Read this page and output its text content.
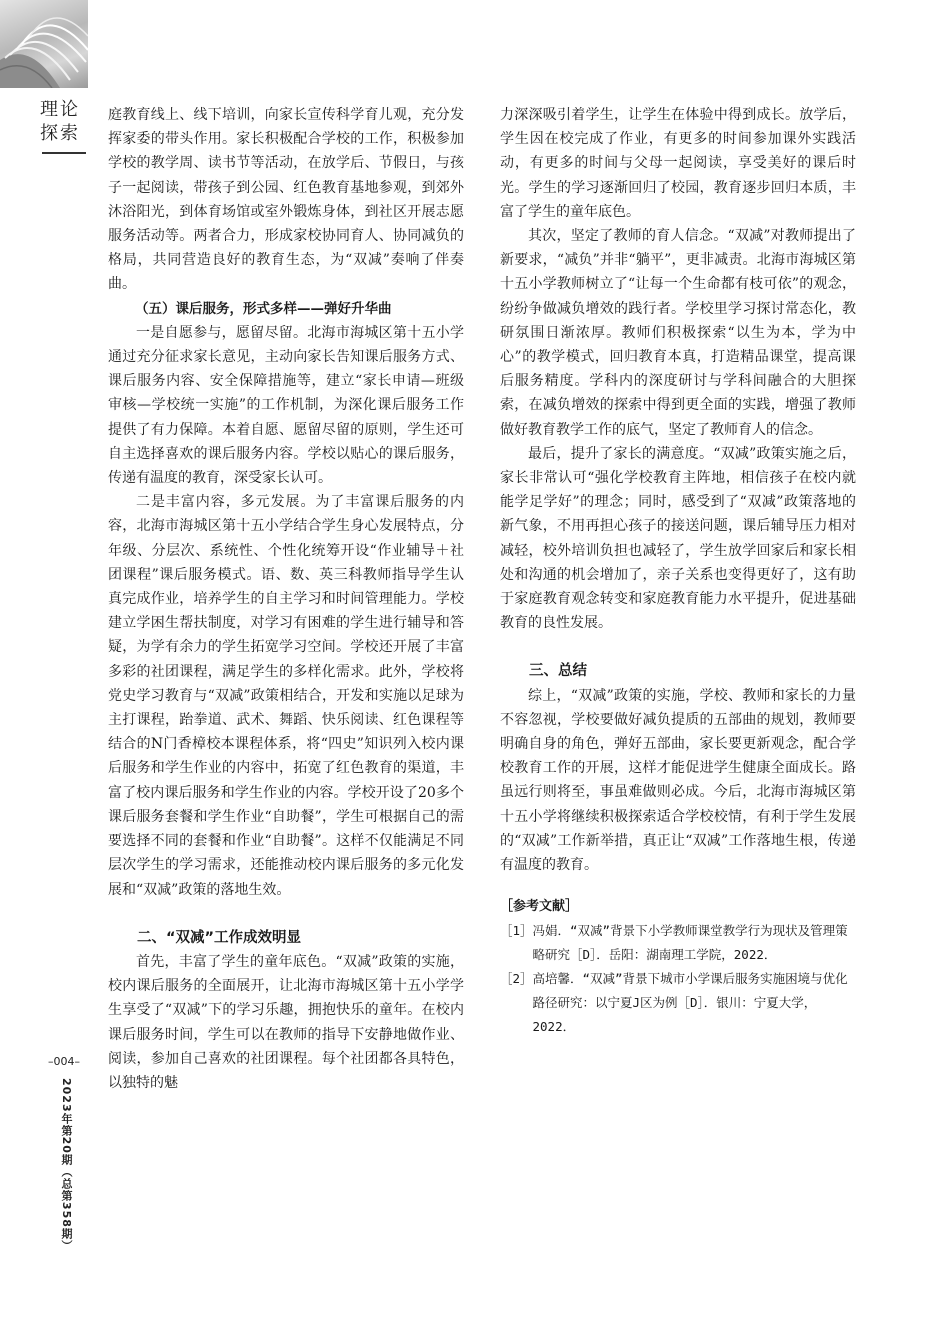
理论
探索
–004–
2023年第20期（总第358期）

庭教育线上、线下培训，向家长宣传科学育儿观，充分发挥家委的带头作用。家长积极配合学校的工作，积极参加学校的教学周、读书节等活动，在放学后、节假日，与孩子一起阅读，带孩子到公园、红色教育基地参观，到郊外沐浴阳光，到体育场馆或室外锻炼身体，到社区开展志愿服务活动等。两者合力，形成家校协同育人、协同减负的格局，共同营造良好的教育生态，为“双减”奏响了伴奏曲。

（五）课后服务，形式多样——弹好升华曲

一是自愿参与，愿留尽留。北海市海城区第十五小学通过充分征求家长意见，主动向家长告知课后服务方式、课后服务内容、安全保障措施等，建立“家长申请—班级审核—学校统一实施”的工作机制，为深化课后服务工作提供了有力保障。本着自愿、愿留尽留的原则，学生还可自主选择喜欢的课后服务内容。学校以贴心的课后服务，传递有温度的教育，深受家长认可。

二是丰富内容，多元发展。为了丰富课后服务的内容，北海市海城区第十五小学结合学生身心发展特点，分年级、分层次、系统性、个性化统筹开设“作业辅导＋社团课程”课后服务模式。语、数、英三科教师指导学生认真完成作业，培养学生的自主学习和时间管理能力。学校建立学困生帮扶制度，对学习有困难的学生进行辅导和答疑，为学有余力的学生拓宽学习空间。学校还开展了丰富多彩的社团课程，满足学生的多样化需求。此外，学校将党史学习教育与“双减”政策相结合，开发和实施以足球为主打课程，跆拳道、武术、舞蹈、快乐阅读、红色课程等结合的N门香樟校本课程体系，将“四史”知识列入校内课后服务和学生作业的内容中，拓宽了红色教育的渠道，丰富了校内课后服务和学生作业的内容。学校开设了20多个课后服务套餐和学生作业“自助餐”，学生可根据自己的需要选择不同的套餐和作业“自助餐”。这样不仅能满足不同层次学生的学习需求，还能推动校内课后服务的多元化发展和“双减”政策的落地生效。

二、“双减”工作成效明显

首先，丰富了学生的童年底色。“双减”政策的实施，校内课后服务的全面展开，让北海市海城区第十五小学学生享受了“双减”下的学习乐趣，拥抱快乐的童年。在校内课后服务时间，学生可以在教师的指导下安静地做作业、阅读，参加自己喜欢的社团课程。每个社团都各具特色，以独特的魅

力深深吸引着学生，让学生在体验中得到成长。放学后，学生因在校完成了作业，有更多的时间参加课外实践活动，有更多的时间与父母一起阅读，享受美好的课后时光。学生的学习逐渐回归了校园，教育逐步回归本质，丰富了学生的童年底色。

其次，坚定了教师的育人信念。“双减”对教师提出了新要求，“减负”并非“躺平”，更非减责。北海市海城区第十五小学教师树立了“让每一个生命都有枝可依”的观念，纷纷争做减负增效的践行者。学校里学习探讨常态化，教研氛围日渐浓厚。教师们积极探索“以生为本，学为中心”的教学模式，回归教育本真，打造精品课堂，提高课后服务精度。学科内的深度研讨与学科间融合的大胆探索，在减负增效的探索中得到更全面的实践，增强了教师做好教育教学工作的底气，坚定了教师育人的信念。

最后，提升了家长的满意度。“双减”政策实施之后，家长非常认可“强化学校教育主阵地，相信孩子在校内就能学足学好”的理念；同时，感受到了“双减”政策落地的新气象，不用再担心孩子的接送问题，课后辅导压力相对减轻，校外培训负担也减轻了，学生放学回家后和家长相处和沟通的机会增加了，亲子关系也变得更好了，这有助于家庭教育观念转变和家庭教育能力水平提升，促进基础教育的良性发展。

三、总结

综上，“双减”政策的实施，学校、教师和家长的力量不容忽视，学校要做好减负提质的五部曲的规划，教师要明确自身的角色，弹好五部曲，家长要更新观念，配合学校教育工作的开展，这样才能促进学生健康全面成长。路虽远行则将至，事虽难做则必成。今后，北海市海城区第十五小学将继续积极探索适合学校校情，有利于学生发展的“双减”工作新举措，真正让“双减”工作落地生根，传递有温度的教育。

［参考文献］
［1］冯娟．“双减”背景下小学教师课堂教学行为现状及管理策略研究［D］．岳阳：湖南理工学院，2022．
［2］高培馨．“双减”背景下城市小学课后服务实施困境与优化路径研究：以宁夏J区为例［D］．银川：宁夏大学，2022．
